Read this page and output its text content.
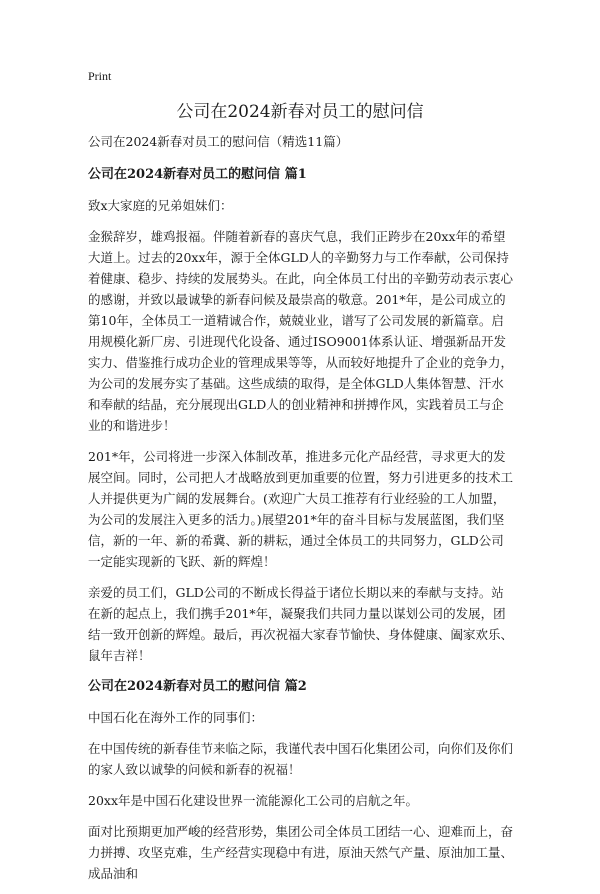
Print
公司在2024新春对员工的慰问信

公司在2024新春对员工的慰问信（精选11篇）

公司在2024新春对员工的慰问信 篇1

致x大家庭的兄弟姐妹们：

金猴辞岁，雄鸡报福。伴随着新春的喜庆气息，我们正跨步在20xx年的希望大道上。过去的20xx年，源于全体GLD人的辛勤努力与工作奉献，公司保持着健康、稳步、持续的发展势头。在此，向全体员工付出的辛勤劳动表示衷心的感谢，并致以最诚挚的新春问候及最崇高的敬意。201*年，是公司成立的第10年，全体员工一道精诚合作，兢兢业业，谱写了公司发展的新篇章。启用规模化新厂房、引进现代化设备、通过ISO9001体系认证、增强新品开发实力、借鉴推行成功企业的管理成果等等，从而较好地提升了企业的竞争力，为公司的发展夯实了基础。这些成绩的取得，是全体GLD人集体智慧、汗水和奉献的结晶，充分展现出GLD人的创业精神和拼搏作风，实践着员工与企业的和谐进步！

201*年，公司将进一步深入体制改革，推进多元化产品经营，寻求更大的发展空间。同时，公司把人才战略放到更加重要的位置，努力引进更多的技术工人并提供更为广阔的发展舞台。(欢迎广大员工推荐有行业经验的工人加盟，为公司的发展注入更多的活力。)展望201*年的奋斗目标与发展蓝图，我们坚信，新的一年、新的希冀、新的耕耘，通过全体员工的共同努力，GLD公司一定能实现新的飞跃、新的辉煌！

亲爱的员工们，GLD公司的不断成长得益于诸位长期以来的奉献与支持。站在新的起点上，我们携手201*年，凝聚我们共同力量以谋划公司的发展，团结一致开创新的辉煌。最后，再次祝福大家春节愉快、身体健康、阖家欢乐、鼠年吉祥！

公司在2024新春对员工的慰问信 篇2

中国石化在海外工作的同事们：

在中国传统的新春佳节来临之际，我谨代表中国石化集团公司，向你们及你们的家人致以诚挚的问候和新春的祝福！

20xx年是中国石化建设世界一流能源化工公司的启航之年。

面对比预期更加严峻的经营形势，集团公司全体员工团结一心、迎难而上，奋力拼搏、攻坚克难，生产经营实现稳中有进，原油天然气产量、原油加工量、成品油和
